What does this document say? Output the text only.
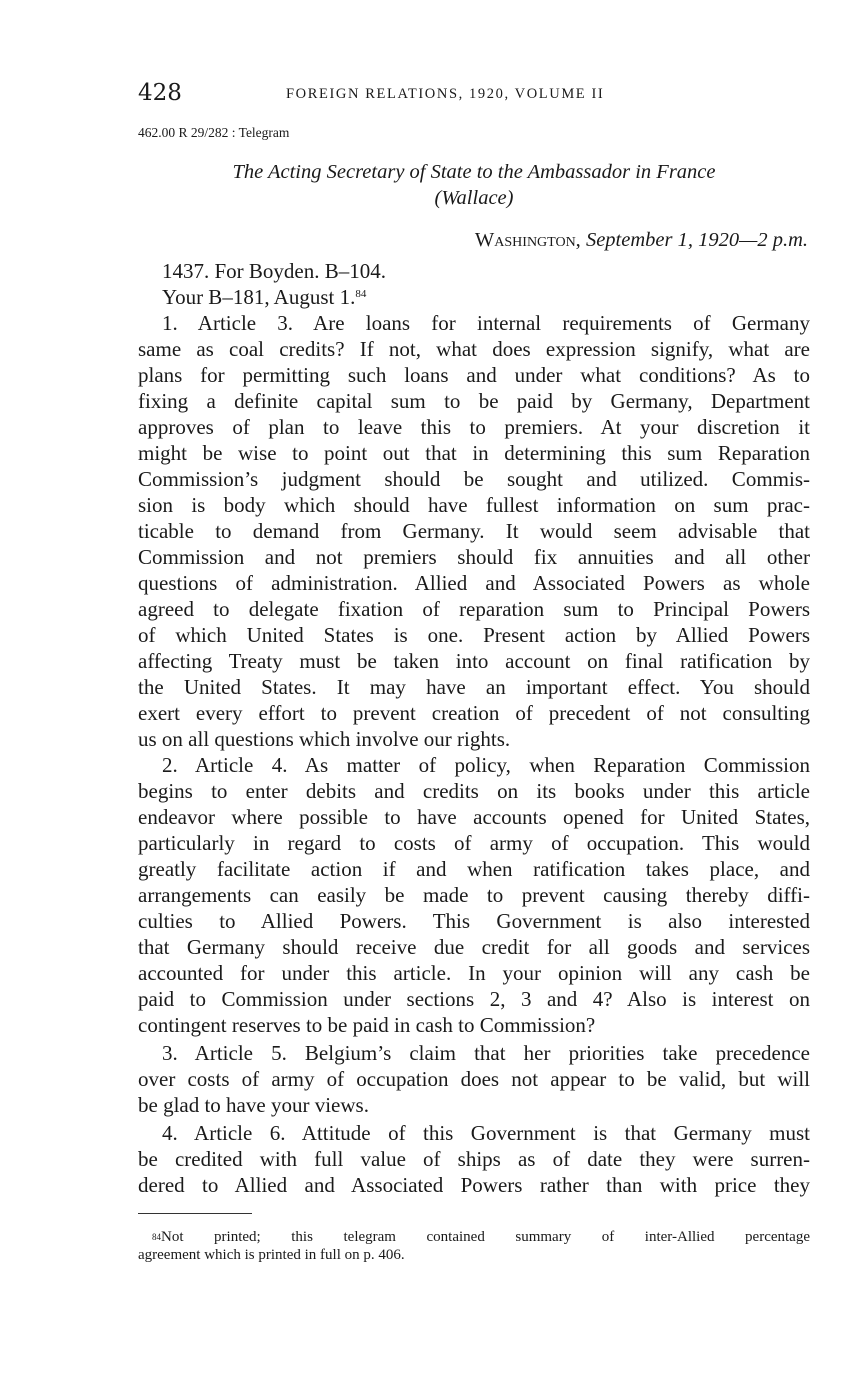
428	FOREIGN RELATIONS, 1920, VOLUME II
462.00 R 29/282 : Telegram
The Acting Secretary of State to the Ambassador in France
(Wallace)
Washington, September 1, 1920—2 p.m.
1437. For Boyden. B–104.
Your B–181, August 1.84
1. Article 3. Are loans for internal requirements of Germany
same as coal credits? If not, what does expression signify, what are
plans for permitting such loans and under what conditions? As to
fixing a definite capital sum to be paid by Germany, Department
approves of plan to leave this to premiers. At your discretion it
might be wise to point out that in determining this sum Reparation
Commission’s judgment should be sought and utilized. Commis-
sion is body which should have fullest information on sum prac-
ticable to demand from Germany. It would seem advisable that
Commission and not premiers should fix annuities and all other
questions of administration. Allied and Associated Powers as whole
agreed to delegate fixation of reparation sum to Principal Powers
of which United States is one. Present action by Allied Powers
affecting Treaty must be taken into account on final ratification by
the United States. It may have an important effect. You should
exert every effort to prevent creation of precedent of not consulting
us on all questions which involve our rights.
2. Article 4. As matter of policy, when Reparation Commission
begins to enter debits and credits on its books under this article
endeavor where possible to have accounts opened for United States,
particularly in regard to costs of army of occupation. This would
greatly facilitate action if and when ratification takes place, and
arrangements can easily be made to prevent causing thereby diffi-
culties to Allied Powers. This Government is also interested
that Germany should receive due credit for all goods and services
accounted for under this article. In your opinion will any cash be
paid to Commission under sections 2, 3 and 4? Also is interest on
contingent reserves to be paid in cash to Commission?
3. Article 5. Belgium’s claim that her priorities take precedence
over costs of army of occupation does not appear to be valid, but will
be glad to have your views.
4. Article 6. Attitude of this Government is that Germany must
be credited with full value of ships as of date they were surren-
dered to Allied and Associated Powers rather than with price they
$^{84}$Not printed; this telegram contained summary of inter-Allied percentage
agreement which is printed in full on p. 406.
